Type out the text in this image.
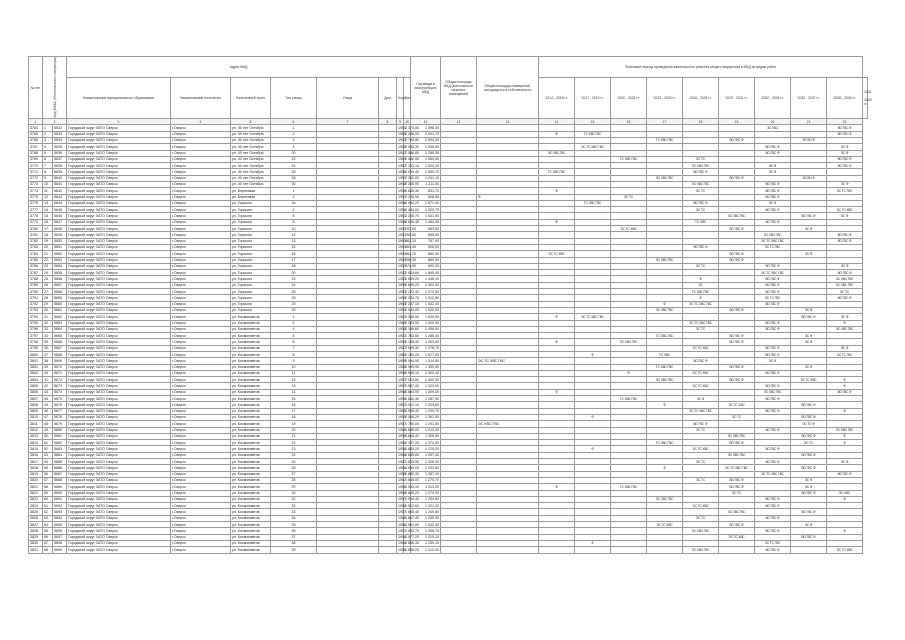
№ п/п	Код ФИАС (Регионального оператора)		Адрес МКД								Год ввода в эксплуатацию МКД	Общая площадь МКД (всего/жилых/нежилых помещений)	Общая площадь помещений, находящихся в собственности	Плановый период проведения капитального ремонта общего имущества в МКД по видам работ									
			Наименование муниципального образования	Наименование поселения	Населенный пункт	Тип улицы	Улица	Дом	Корп.	Лит.				2014 - 2016 гг.	2017 - 2019 гг.	2020 - 2022 гг.	2023 - 2025 гг.	2026 - 2028 гг.	2029 - 2031 гг.	2032 - 2034 гг.	2035 - 2037 гг.	2038 - 2040 гг.	2041 - 2043 гг.
1	2		3	4	5	6	7	8	9	10	11	12	13	14	15	16	17	18	19	20	21	22	
3764	1	5632	Городской округ ЗАТО Озерск	г.Озерск	ул. 40 лет Октября	1			1954	2 373,80	1 598,30									ЭС ХВС		ВО ГВС Ф	
3765	2	5633	Городской округ ЗАТО Озерск	г.Озерск	ул. 40 лет Октября	2			1955	2 288,00	2 041,70			Ф	ТС ХВС ГВС							ВО ГВС Ф	
3766	3	5634	Городской округ ЗАТО Озерск	г.Озерск	ул. 40 лет Октября	3			1953	2 758,80	2 594,20						ТС ХВС ГВС		ВО ГВС Ф		ЭС ВО Ф		
3767	4	5635	Городской округ ЗАТО Озерск	г.Озерск	ул. 40 лет Октября	4			1958	2 908,30	1 335,00				ЭС ТС ХВС ГВС					ВО ГВС Ф		ЭС Ф	
3768	5	5636	Городской округ ЗАТО Озерск	г.Озерск	ул. 40 лет Октября	20			1957	2 086,80	1 285,30			ЭС ХВС ГВС						ВО ГВС Ф		ЭС Ф	
3769	6	5637	Городской округ ЗАТО Озерск	г.Озерск	ул. 40 лет Октября	22			1960	2 482,90	1 550,00					ТС ХВС ГВС		ЭС ТС				ВО ГВС Ф	
3770	7	5638	Городской округ ЗАТО Озерск	г.Озерск	ул. 40 лет Октября	24			1957	2 293,10	1 524,20							ЭС ХВС ГВС		ЭС Ф		ВО ГВС Ф	
3771	8	5639	Городской округ ЗАТО Озерск	г.Озерск	ул. 40 лет Октября	26			1958	2 509,40	1 559,70			ТС ХВС ГВС				ВО ГВС Ф		ЭС Ф			
3772	9	5640	Городской округ ЗАТО Озерск	г.Озерск	ул. 40 лет Октября	28			1957	2 252,00	1 231,10						ЭС ХВС ГВС		ВО ГВС Ф		ЭС ВО Ф		
3773	10	5641	Городской округ ЗАТО Озерск	г.Озерск	ул. 40 лет Октября	30			1958	2 256,90	1 211,00							ЭС ХВС ГВС		ВО ГВС Ф		ЭС Ф	
3774	11	5642	Городской округ ЗАТО Озерск	г.Озерск	ул. Береговая	1			1958	1 665,30	831,70			Ф				ЭС ТС		ВО ГВС Ф		ЭС ТС ГВС	
3775	12	5643	Городской округ ЗАТО Озерск	г.Озерск	ул. Береговая	2			1957	2 208,00	806,50		Ф			ЭС ТС				ВО ГВС Ф			
3776	13	5644	Городской округ ЗАТО Озерск	г.Озерск	ул. Горького	3а			1958	1 494,20	1 671,00				ТС ХВС ГВС			ВО ГВС Ф		ЭС Ф			
3777	14	5645	Городской округ ЗАТО Озерск	г.Озерск	ул. Горького	4			1958	1 434,00	1 020,70							ЭС ТС		ВО ГВС Ф		ЭС ТС ХВС	
3778	15	5646	Городской округ ЗАТО Озерск	г.Озерск	ул. Горького	5			1961	2 205,70	1 531,00								ЭС ХВС ГВС		ВО ГВС Ф	ЭС Ф	
3779	16	5647	Городской округ ЗАТО Озерск	г.Озерск	ул. Горького	6			1958	4 626,40	1 484,30			Ф				ТС ХВС		ВО ГВС Ф			
3780	17	5648	Городской округ ЗАТО Озерск	г.Озерск	ул. Горького	10			1953	701,00	563,50					ЭС ТС ХВС			ВО ГВС Ф		ЭС Ф		
3781	18	5649	Городской округ ЗАТО Озерск	г.Озерск	ул. Горького	12			1951	766,60	655,00									ЭС ХВС ГВС		ВО ГВС Ф	
3782	19	5650	Городской округ ЗАТО Озерск	г.Озерск	ул. Горького	13			1951	862,10	767,40									ЭС ТС ХВС ГВС		ВО ГВС Ф	
3783	20	5651	Городской округ ЗАТО Озерск	г.Озерск	ул. Горького	15			1951	961,40	906,00							ВО ГВС Ф		ЭС ТС ГВС			
3784	21	5652	Городской округ ЗАТО Озерск	г.Озерск	ул. Горького	16			1951	964,70	852,90			ЭС ТС ХВС					ВО ГВС Ф		ЭС Ф		
3785	22	5653	Городской округ ЗАТО Озерск	г.Озерск	ул. Горького	17			1951	956,30	860,00						ЭС ХВС ГВС		ВО ГВС Ф				
3786	23	5654	Городской округ ЗАТО Озерск	г.Озерск	ул. Горького	18			1951	974,50	892,20							ЭС ТС		ВО ГВС Ф		ЭС Ф	
3787	24	5655	Городской округ ЗАТО Озерск	г.Озерск	ул. Горького	20			1952	2 004,60	1 695,40									ЭС ТС ХВС ГВС		ВО ГВС Ф	
3788	25	5656	Городской округ ЗАТО Озерск	г.Озерск	ул. Горького	22			1953	1 669,20	1 446,10							Ф		ВО ГВС Ф		ЭС ХВС ГВС	
3789	26	5657	Городской округ ЗАТО Озерск	г.Озерск	ул. Горького	24			1955	1 669,20	1 302,00							ЭС		ВО ГВС Ф		ЭС ХВС ГВС	
3790	27	5658	Городской округ ЗАТО Озерск	г.Озерск	ул. Горького	26			1953	2 222,40	1 372,50							ТС ХВС ГВС		ВО ГВС Ф		ЭС ТС	
3791	28	5659	Городской округ ЗАТО Озерск	г.Озерск	ул. Горького	28			1955	2 233,70	1 512,80							Ф		ЭС ТС ГВС		ВО ГВС Ф	
3792	29	5660	Городской округ ЗАТО Озерск	г.Озерск	ул. Горького	29			1955	2 237,10	1 542,40						Ф	ЭС ТС ХВС ГВС		ВО ГВС Ф			
3793	30	5661	Городской округ ЗАТО Озерск	г.Озерск	ул. Горького	30			1953	2 034,00	1 520,00						ЭС ХВС ГВС		ВО ГВС Ф		ЭС Ф		
3794	31	5662	Городской округ ЗАТО Озерск	г.Озерск	ул. Космонавтов	1			1957	2 358,50	1 630,90			Ф	ЭС ТС ХВС ГВС						ВО ГВС Ф	ЭС Ф	
3795	32	5663	Городской округ ЗАТО Озерск	г.Озерск	ул. Космонавтов	2			1960	2 283,50	1 520,30							ЭС ТС ХВС ГВС		ВО ГВС Ф		Ф	
3796	33	5664	Городской округ ЗАТО Озерск	г.Озерск	ул. Космонавтов	4			1958	2 196,60	1 458,90							ЭС ТС		ВО ГВС Ф		ЭС ХВС ГВС	
3797	34	5665	Городской округ ЗАТО Озерск	г.Озерск	ул. Космонавтов	5			1957	1 782,50	1 285,30						ТС ХВС ГВС		ВО ГВС Ф		ЭС Ф		
3798	35	5666	Городской округ ЗАТО Озерск	г.Озерск	ул. Космонавтов	6			1959	2 108,40	1 453,60			Ф		ЭС ХВС ГВС			ВО ГВС Ф		ЭС Ф		
3799	36	5667	Городской округ ЗАТО Озерск	г.Озерск	ул. Космонавтов	7			1957	2 099,30	1 378,70							ЭС ТС ХВС		ВО ГВС Ф		ЭС Ф	
3800	37	5668	Городской округ ЗАТО Озерск	г.Озерск	ул. Космонавтов	8			1960	2 180,20	1 577,00				Ф		ТС ХВС			ВО ГВС Ф		ЭС ТС ГВС	
3801	38	5669	Городской округ ЗАТО Озерск	г.Озерск	ул. Космонавтов	9			1959	2 094,90	1 514,80		ЭС ТС ХВС ГВС					ВО ГВС Ф		ЭС Ф			
3802	39	5670	Городской округ ЗАТО Озерск	г.Озерск	ул. Космонавтов	10			1958	1 990,90	1 350,50						ТС ХВС ГВС		ВО ГВС Ф		ЭС Ф		
3803	40	5671	Городской округ ЗАТО Озерск	г.Озерск	ул. Космонавтов	11			1956	1 965,10	1 300,40					Ф		ЭС ТС ХВС		ВО ГВС Ф			
3804	41	5672	Городской округ ЗАТО Озерск	г.Озерск	ул. Космонавтов	12			1957	2 014,80	1 402,30						ЭС ХВС ГВС		ВО ГВС Ф		ЭС ТС ХВС	Ф	
3805	42	5673	Городской округ ЗАТО Озерск	г.Озерск	ул. Космонавтов	13			1957	1 967,40	1 323,00							ЭС ТС ХВС		ВО ГВС Ф		Ф	
3806	43	5674	Городской округ ЗАТО Озерск	г.Озерск	ул. Космонавтов	14			1958	1 864,90	1 309,00			Ф						ЭС ХВС ГВС		ВО ГВС Ф	
3807	44	5675	Городской округ ЗАТО Озерск	г.Озерск	ул. Космонавтов	15			1958	1 880,30	1 287,90					ТС ХВС ГВС		ЭС Ф		ВО ГВС Ф			
3808	45	5676	Городской округ ЗАТО Озерск	г.Озерск	ул. Космонавтов	16			1957	1 912,10	1 203,60						Ф		ЭС ТС ХВС		ВО ГВС Ф		
3809	46	5677	Городской округ ЗАТО Озерск	г.Озерск	ул. Космонавтов	17			1956	1 938,40	1 290,70							ЭС ТС ХВС ГВС		ВО ГВС Ф		Ф	
3810	47	5678	Городской округ ЗАТО Озерск	г.Озерск	ул. Космонавтов	18			1959	2 056,20	1 361,50				Ф				ЭС ТС		ВО ГВС Ф		
3811	48	5679	Городской округ ЗАТО Озерск	г.Озерск	ул. Космонавтов	19			1957	1 790,00	1 291,80		ЭС ХВС ГВС					ВО ГВС Ф			ЭС ТС Ф		
3812	49	5680	Городской округ ЗАТО Озерск	г.Озерск	ул. Космонавтов	20			1956	1 880,00	1 213,30							ЭС ТС		ВО ГВС Ф		ЭС ХВС ГВС	
3813	50	5681	Городской округ ЗАТО Озерск	г.Озерск	ул. Космонавтов	21			1958	1 866,40	1 306,50								ЭС ХВС ГВС		ВО ГВС Ф	Ф	
3814	51	5682	Городской округ ЗАТО Озерск	г.Озерск	ул. Космонавтов	22			1956	2 137,20	1 374,30						ТС ХВС ГВС		ВО ГВС Ф		ЭС ТС	Ф	
3815	52	5683	Городской округ ЗАТО Озерск	г.Озерск	ул. Космонавтов	23			1956	1 860,20	1 215,20				Ф			ЭС ТС ХВС		ВО ГВС Ф			
3816	53	5684	Городской округ ЗАТО Озерск	г.Озерск	ул. Космонавтов	24			1958	1 855,80	1 297,40								ЭС ХВС ГВС		ВО ГВС Ф		
3817	54	5685	Городской округ ЗАТО Озерск	г.Озерск	ул. Космонавтов	25			1957	1 833,50	1 326,00							ЭС ТС		ВО ГВС Ф		ЭС Ф	
3818	55	5686	Городской округ ЗАТО Озерск	г.Озерск	ул. Космонавтов	26			1956	1 960,00	1 293,50						Ф		ЭС ТС ХВС ГВС		ВО ГВС Ф		
3819	56	5687	Городской округ ЗАТО Озерск	г.Озерск	ул. Космонавтов	27			1958	1 880,30	1 287,20									ЭС ТС ХВС ГВС		ВО ГВС Ф	
3820	57	5688	Городской округ ЗАТО Озерск	г.Озерск	ул. Космонавтов	28			1957	1 849,00	1 270,70							ЭС ТС	ВО ГВС Ф		ЭС Ф		
3821	58	5689	Городской округ ЗАТО Озерск	г.Озерск	ул. Космонавтов	29			1956	1 953,10	1 313,00			Ф		ТС ХВС ГВС			ВО ГВС Ф		ЭС Ф		
3822	59	5690	Городской округ ЗАТО Озерск	г.Озерск	ул. Космонавтов	30			1958	1 840,20	1 279,30								ЭС ТС		ВО ГВС Ф	ЭС ХВС	
3823	60	5691	Городской округ ЗАТО Озерск	г.Озерск	ул. Космонавтов	31			1957	1 934,40	1 284,80						ЭС ХВС ГВС			ВО ГВС Ф		Ф	
3824	61	5692	Городской округ ЗАТО Озерск	г.Озерск	ул. Космонавтов	32			1956	1 912,60	1 221,20							ЭС ТС ХВС		ВО ГВС Ф			
3825	62	5693	Городской округ ЗАТО Озерск	г.Озерск	ул. Космонавтов	33			1957	1 866,40	1 249,80								ЭС ХВС ГВС		ВО ГВС Ф		
3826	63	5694	Городской округ ЗАТО Озерск	г.Озерск	ул. Космонавтов	34			1956	1 867,40	1 255,30							ЭС ТС		ВО ГВС Ф			
3827	64	5695	Городской округ ЗАТО Озерск	г.Озерск	ул. Космонавтов	35			1956	1 961,90	1 342,30						ЭС ТС ХВС		ВО ГВС Ф		ЭС Ф		
3828	65	5696	Городской округ ЗАТО Озерск	г.Озерск	ул. Космонавтов	36			1957	1 893,70	1 268,70							ЭС ХВС ГВС		ВО ГВС Ф		Ф	
3829	66	5697	Городской округ ЗАТО Озерск	г.Озерск	ул. Космонавтов	37			1956	1 977,20	1 315,10								ЭС ТС ХВС		ВО ГВС Ф		
3830	67	5698	Городской округ ЗАТО Озерск	г.Озерск	ул. Космонавтов	38			1958	1 856,40	1 259,10				Ф					ЭС ТС ГВС			
3831	68	5699	Городской округ ЗАТО Озерск	г.Озерск	ул. Космонавтов	39			1956	1 856,00	1 212,20							ЭС ХВС ГВС		ВО ГВС Ф		ЭС ТС ХВС	
